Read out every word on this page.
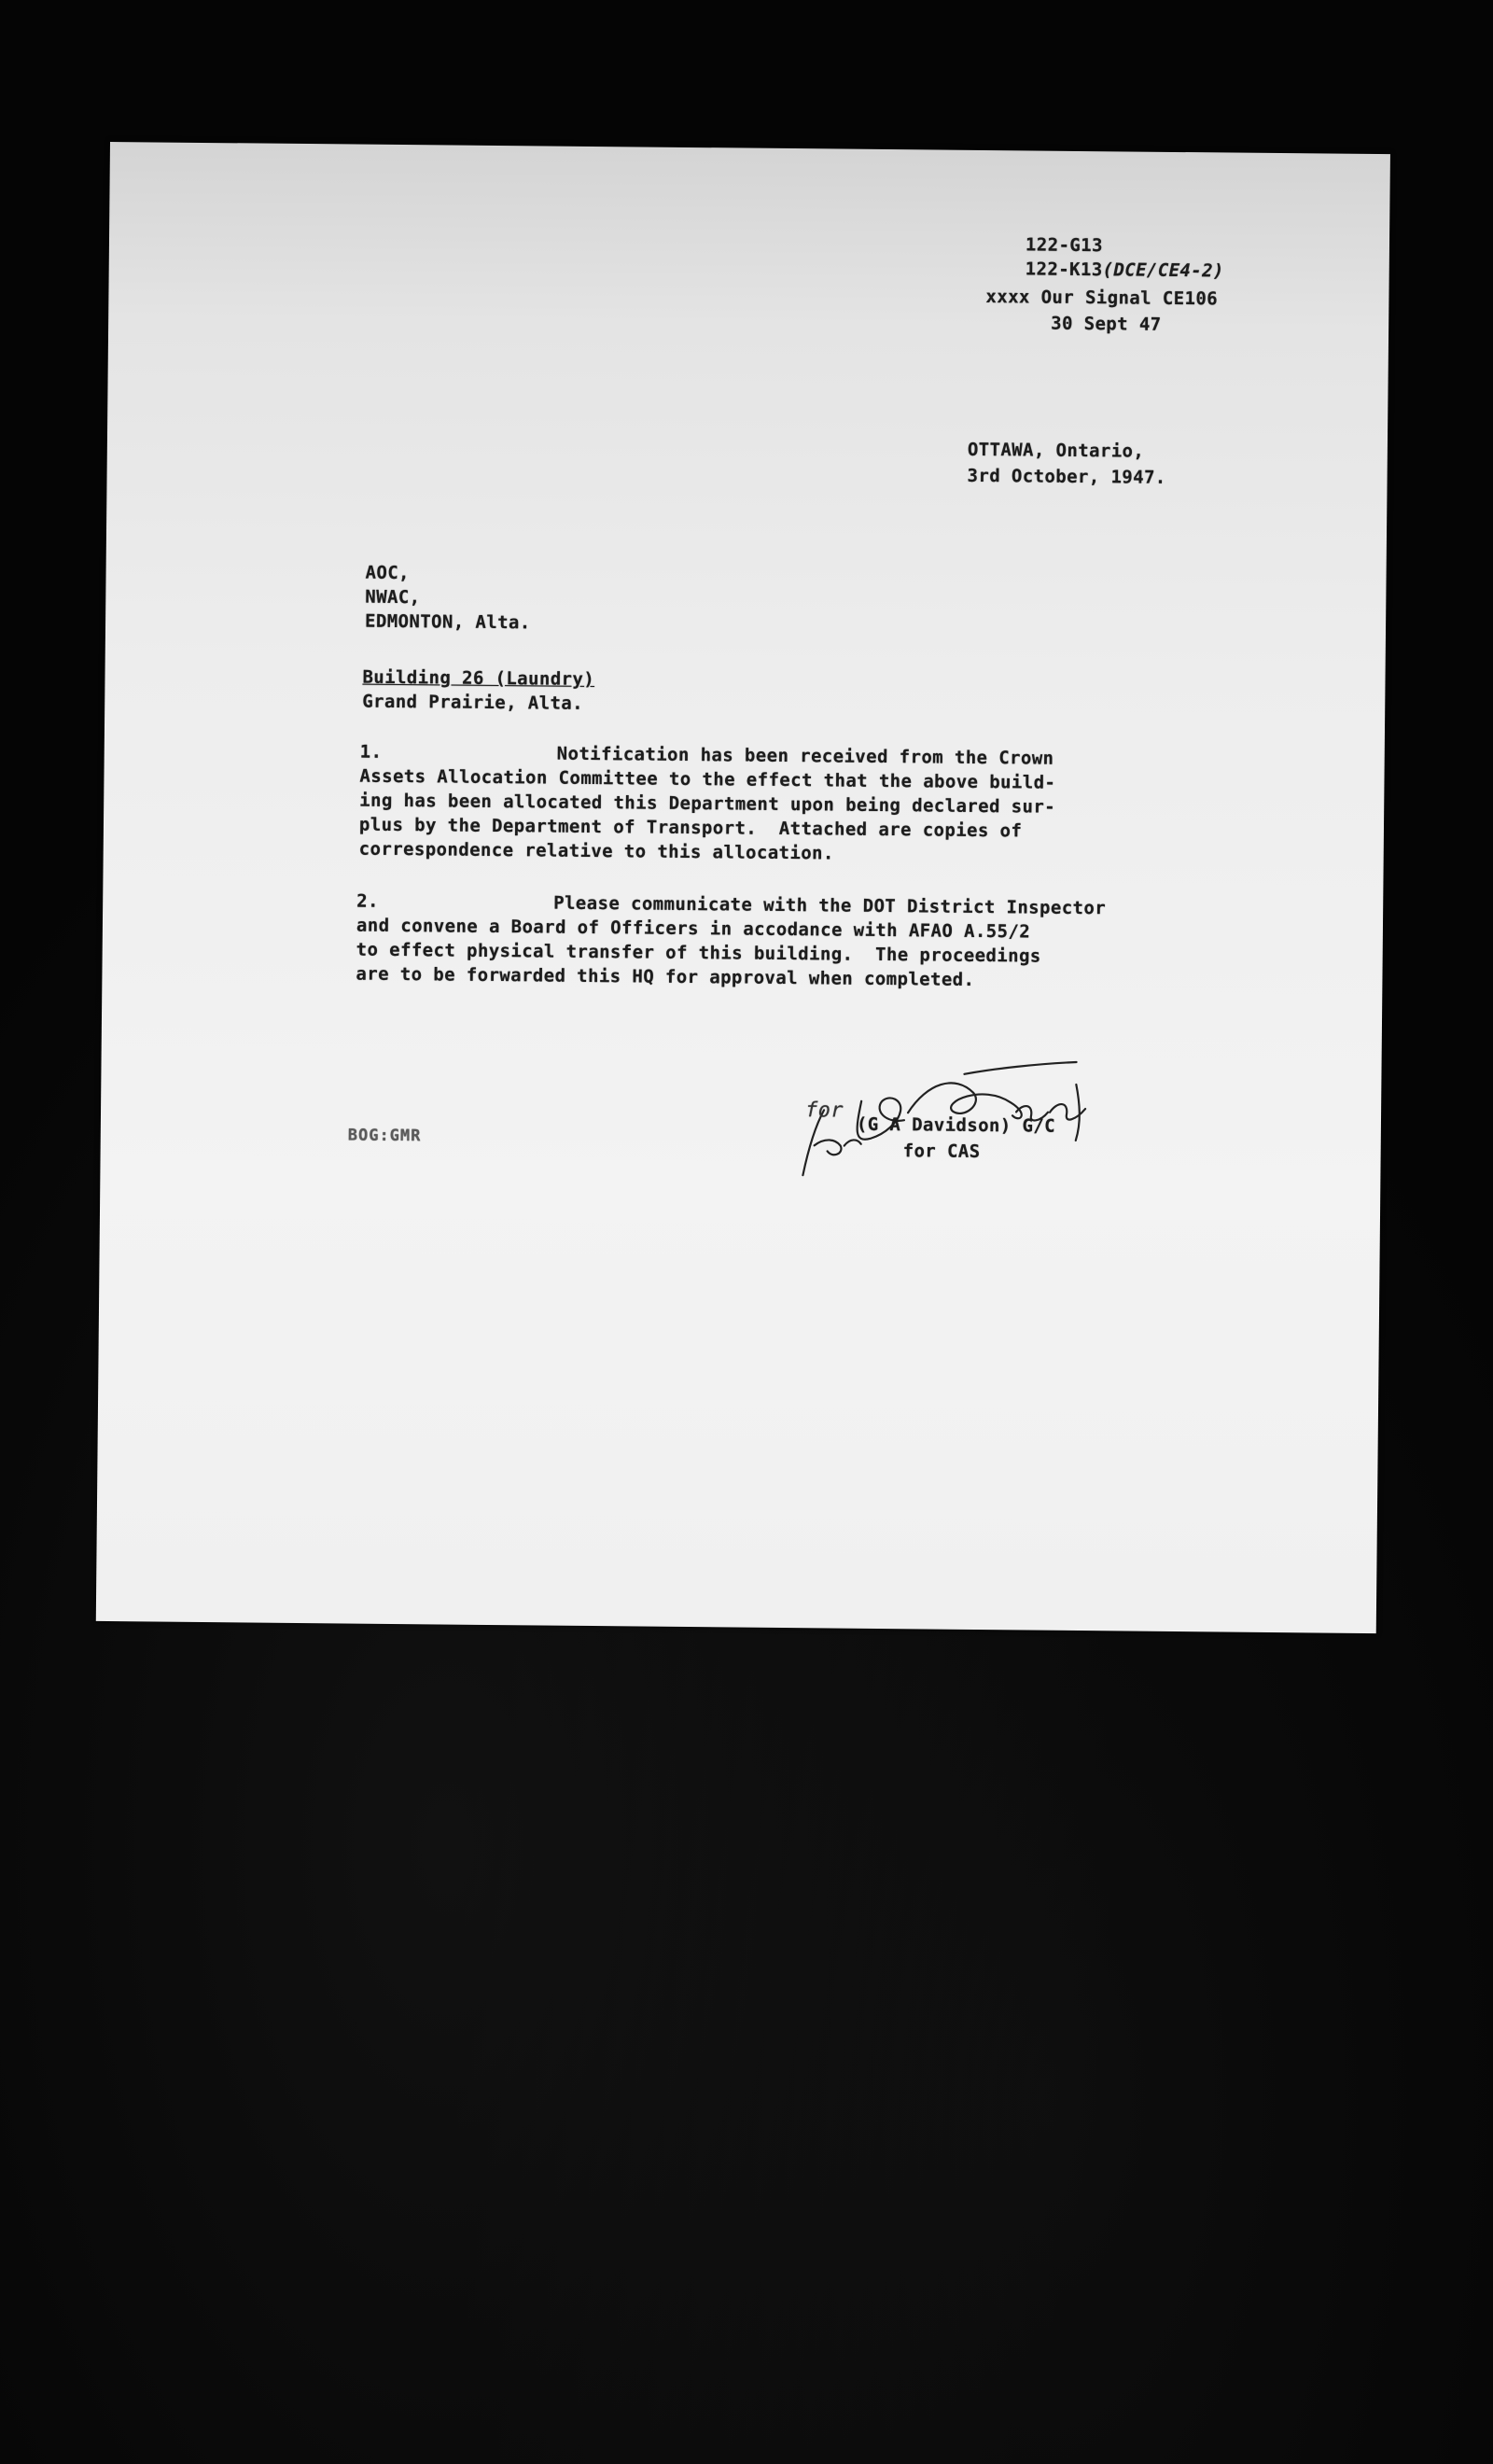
122-G13
122-K13(DCE/CE4-2)
xxxx Our Signal CE106
30 Sept 47
OTTAWA, Ontario,
3rd October, 1947.
AOC,
NWAC,
EDMONTON, Alta.
Building 26 (Laundry)
Grand Prairie, Alta.
1.	Notification has been received from the Crown
Assets Allocation Committee to the effect that the above build-
ing has been allocated this Department upon being declared sur-
plus by the Department of Transport.  Attached are copies of
correspondence relative to this allocation.
2.	Please communicate with the DOT District Inspector
and convene a Board of Officers in accodance with AFAO A.55/2
to effect physical transfer of this building.  The proceedings
are to be forwarded this HQ for approval when completed.
for
(G A Davidson) G/C
for CAS
BOG:GMR
